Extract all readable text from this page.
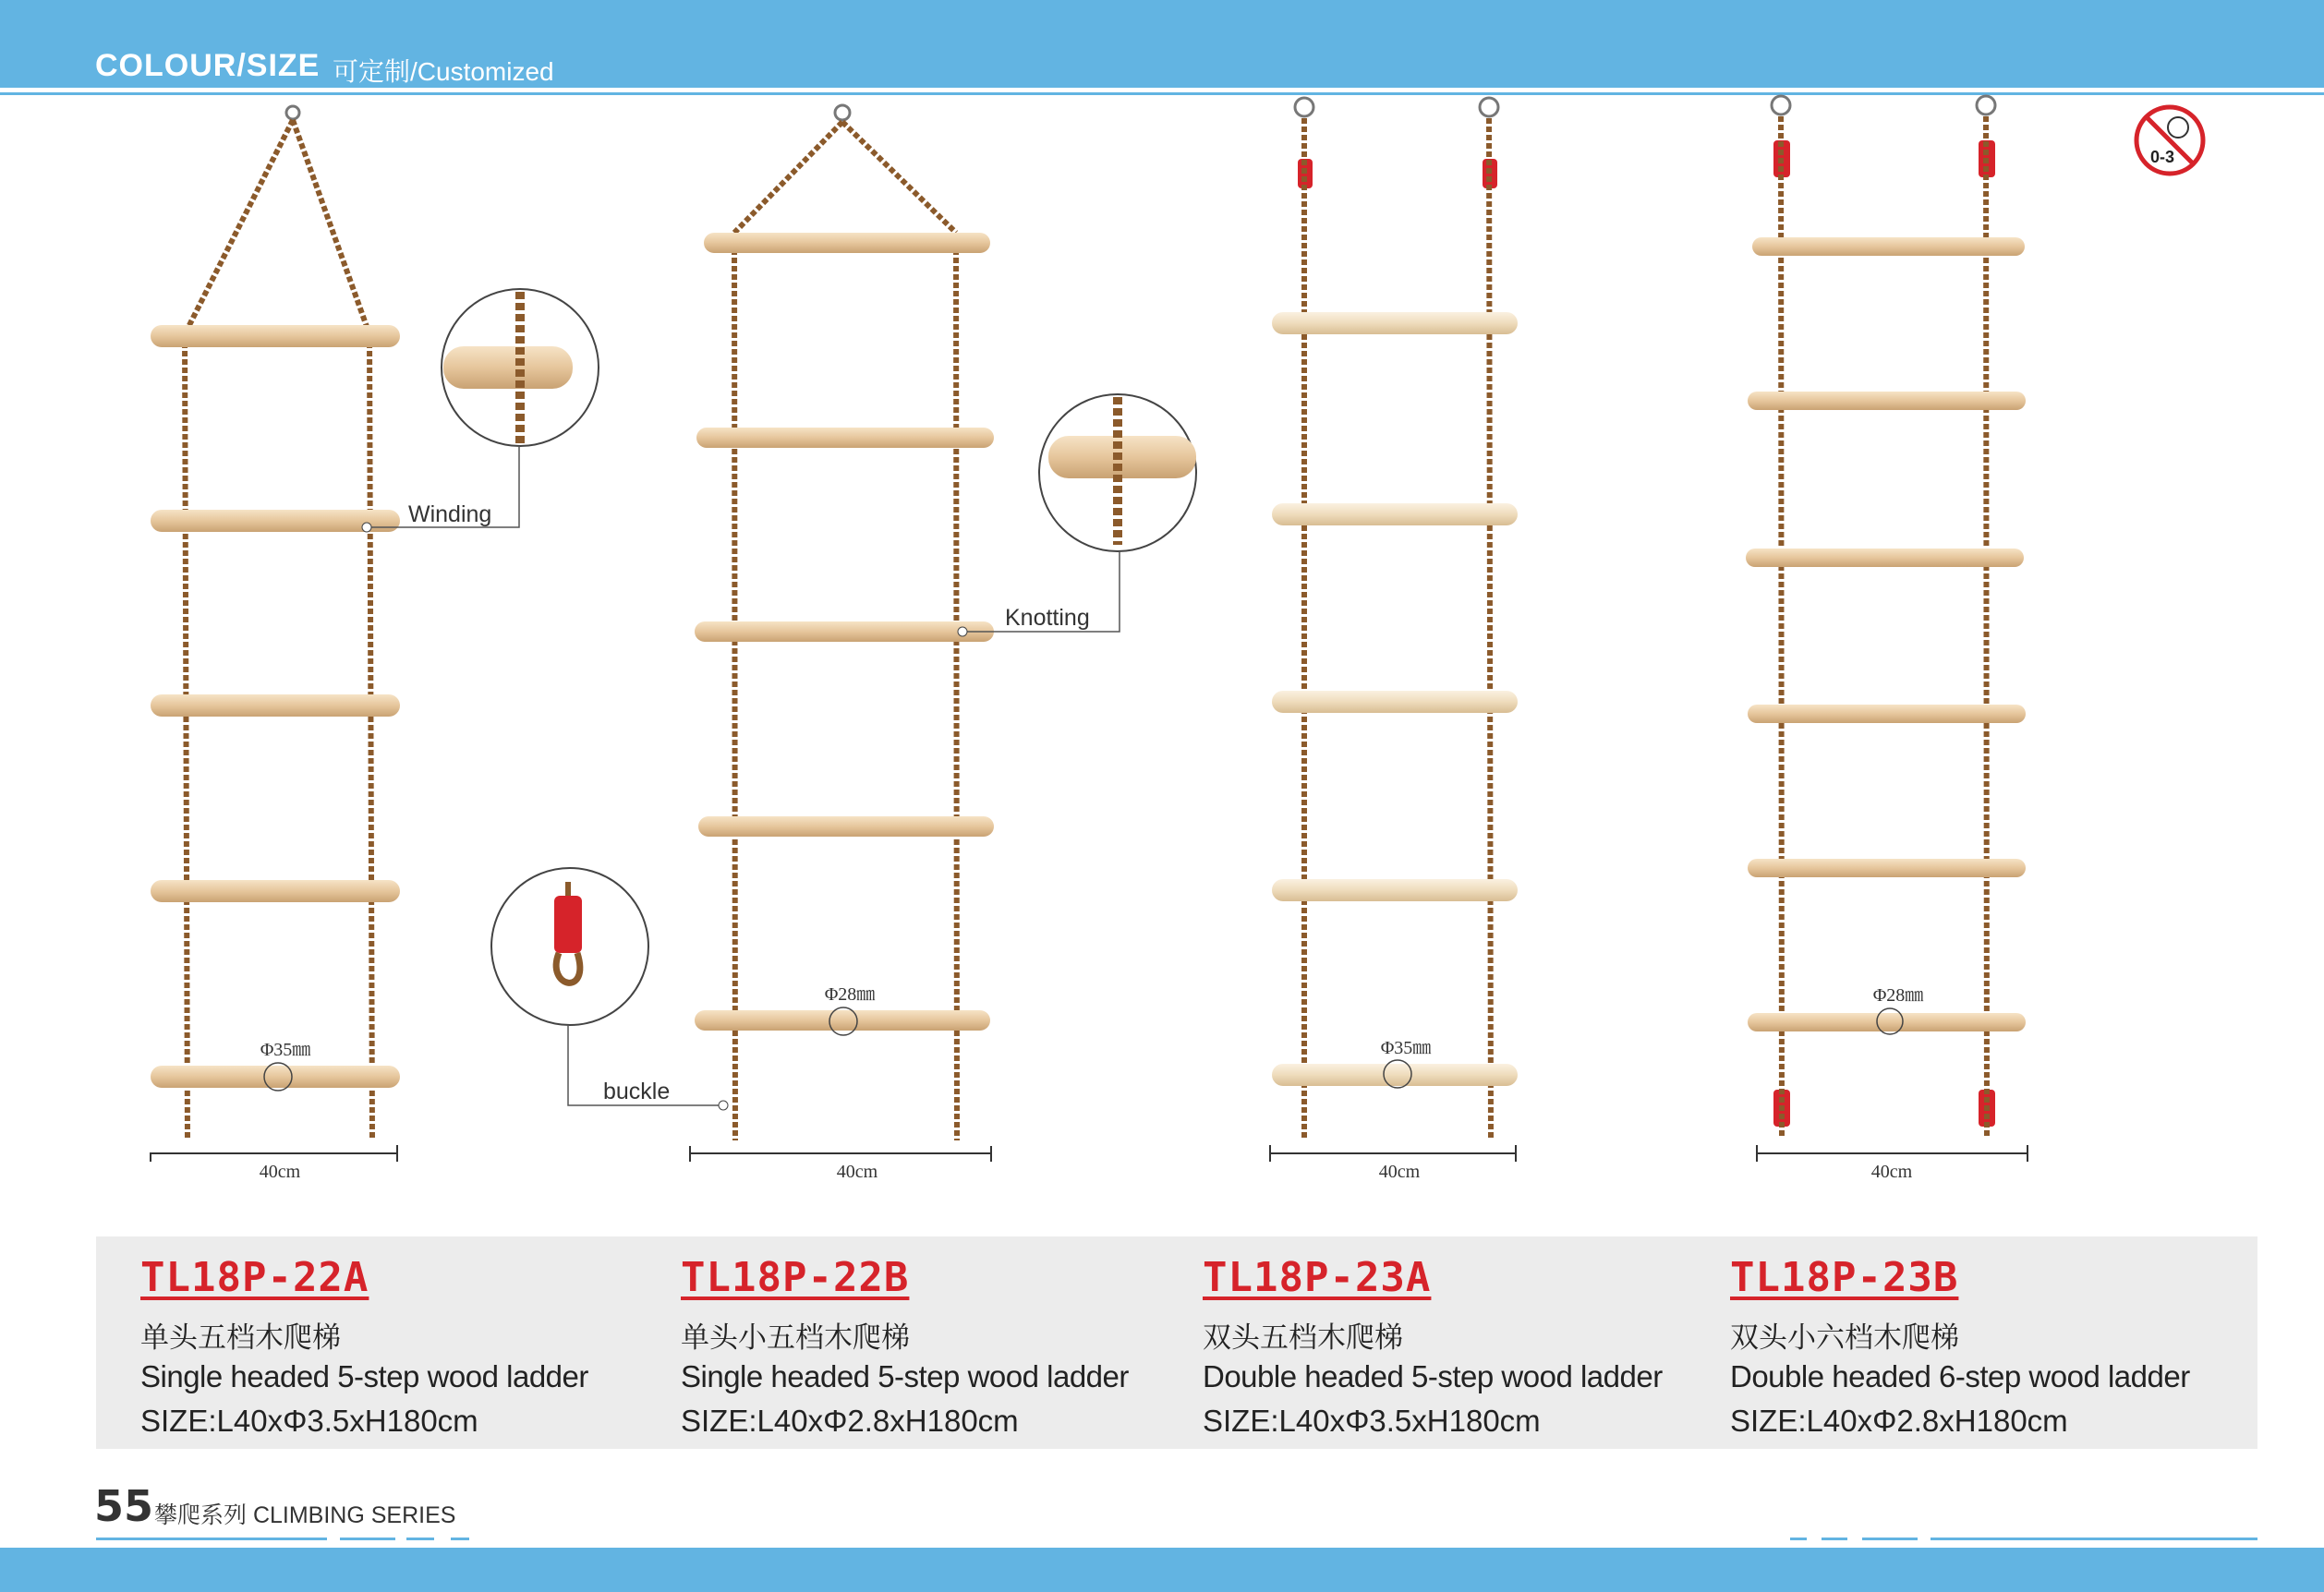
COLOUR/SIZE 可定制/Customized
Φ35㎜
40cm
Winding
Φ28㎜
40cm
Knotting
buckle
Φ35㎜
40cm
Φ28㎜
40cm
0-3
TL18P-22A
单头五档木爬梯
Single headed 5-step wood ladder
SIZE:L40xΦ3.5xH180cm
TL18P-22B
单头小五档木爬梯
Single headed 5-step wood ladder
SIZE:L40xΦ2.8xH180cm
TL18P-23A
双头五档木爬梯
Double headed 5-step wood ladder
SIZE:L40xΦ3.5xH180cm
TL18P-23B
双头小六档木爬梯
Double headed 6-step wood ladder
SIZE:L40xΦ2.8xH180cm
55 攀爬系列 CLIMBING SERIES
